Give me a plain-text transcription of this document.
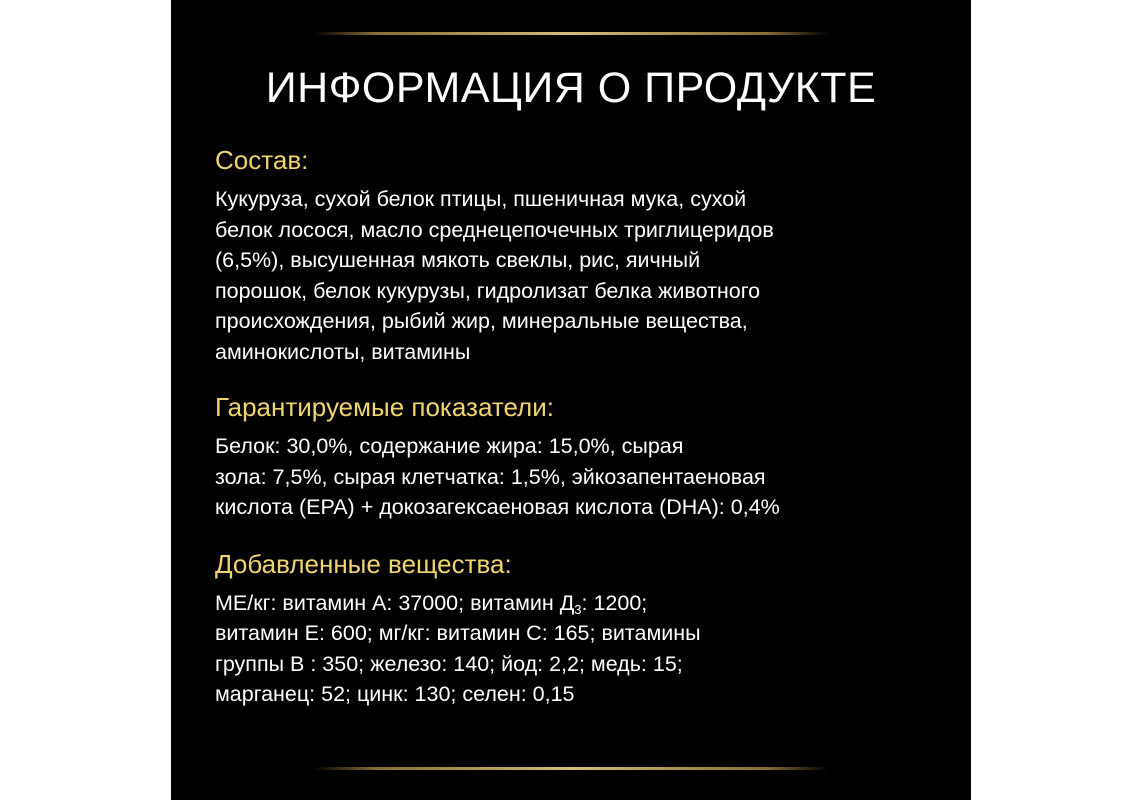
ИНФОРМАЦИЯ О ПРОДУКТЕ
Состав:

Кукуруза, сухой белок птицы, пшеничная мука, сухой
белок лосося, масло среднецепочечных триглицеридов
(6,5%), высушенная мякоть свеклы, рис, яичный
порошок, белок кукурузы, гидролизат белка животного
происхождения, рыбий жир, минеральные вещества,
аминокислоты, витамины

Гарантируемые показатели:

Белок: 30,0%, содержание жира: 15,0%, сырая
зола: 7,5%, сырая клетчатка: 1,5%, эйкозапентаеновая
кислота (EPA) + докозагексаеновая кислота (DHA): 0,4%

Добавленные вещества:

МЕ/кг: витамин А: 37000; витамин $Д_3$: 1200;
витамин Е: 600; мг/кг: витамин С: 165; витамины
группы В : 350; железо: 140; йод: 2,2; медь: 15;
марганец: 52; цинк: 130; селен: 0,15
